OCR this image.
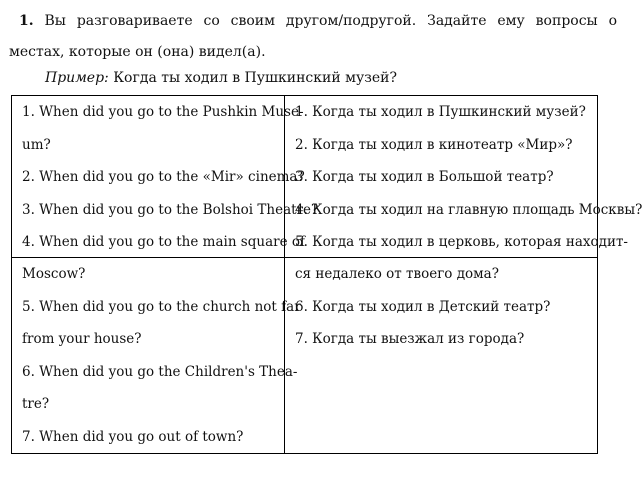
1. Вы разговариваете со своим другом/подругой. Задайте ему вопросы о местах, которые он (она) видел(а).
Пример: Когда ты ходил в Пушкинский музей?
1. When did you go to the Pushkin Muse-
um?
2. When did you go to the «Mir» cinema?
3. When did you go to the Bolshoi Theatre?
4. When did you go to the main square of
1. Когда ты ходил в Пушкинский музей?
2. Когда ты ходил в кинотеатр «Мир»?
3. Когда ты ходил в Большой театр?
4. Когда ты ходил на главную площадь Москвы?
5. Когда ты ходил в церковь, которая находит-
Moscow?
5. When did you go to the church not far
from your house?
6. When did you go the Children's Thea-
tre?
7. When did you go out of town?
ся недалеко от твоего дома?
6. Когда ты ходил в Детский театр?
7. Когда ты выезжал из города?
